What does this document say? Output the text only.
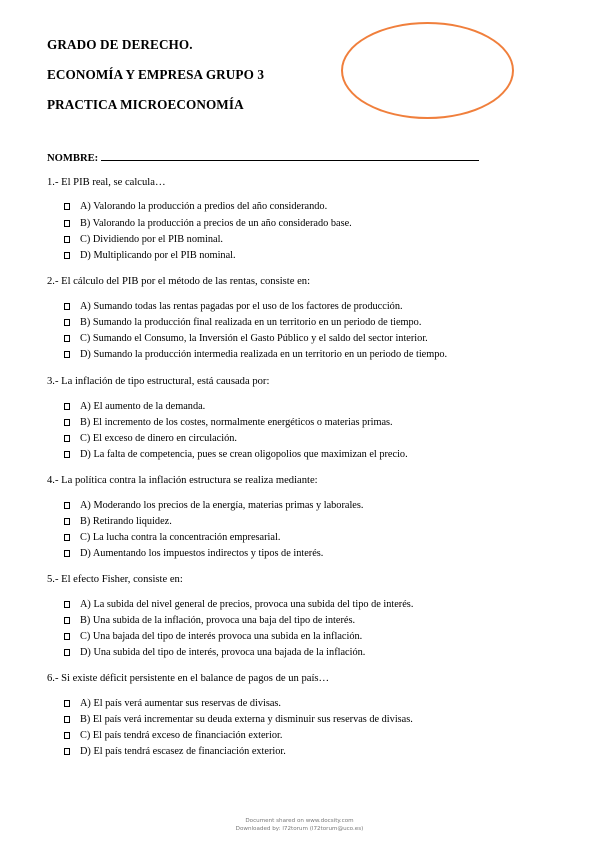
GRADO DE DERECHO.
ECONOMÍA Y EMPRESA GRUPO 3
PRACTICA MICROECONOMÍA
NOMBRE:
1.- El PIB real, se calcula…
A) Valorando la producción a predios del año considerando.
B) Valorando la producción a precios de un año considerado base.
C) Dividiendo por el PIB nominal.
D) Multiplicando por el PIB nominal.
2.- El cálculo del PIB por el método de las rentas, consiste en:
A) Sumando todas las rentas pagadas por el uso de los factores de producción.
B) Sumando la producción final realizada en un territorio en un periodo de tiempo.
C) Sumando el Consumo, la Inversión el Gasto Público y el saldo del sector interior.
D) Sumando la producción intermedia realizada en un territorio en un periodo de tiempo.
3.- La inflación de tipo estructural, está causada por:
A) El aumento de la demanda.
B) El incremento de los costes, normalmente energéticos o materias primas.
C) El exceso de dinero en circulación.
D) La falta de competencia, pues se crean oligopolios que maximizan el precio.
4.- La política contra la inflación estructura se realiza mediante:
A) Moderando los precios de la energía, materias primas y laborales.
B) Retirando liquidez.
C) La lucha contra la concentración empresarial.
D) Aumentando los impuestos indirectos y tipos de interés.
5.- El efecto Fisher, consiste en:
A) La subida del nivel general de precios, provoca una subida del tipo de interés.
B) Una subida de la inflación, provoca una baja del tipo de interés.
C) Una bajada del tipo de interés provoca una subida en la inflación.
D) Una subida del tipo de interés, provoca una bajada de la inflación.
6.- Si existe déficit persistente en el balance de pagos de un país…
A) El país verá aumentar sus reservas de divisas.
B) El país verá incrementar su deuda externa y disminuir sus reservas de divisas.
C) El país tendrá exceso de financiación exterior.
D) El país tendrá escasez de financiación exterior.
Document shared on www.docsity.com
Downloaded by: l72torum (l72torum@uco.es)
